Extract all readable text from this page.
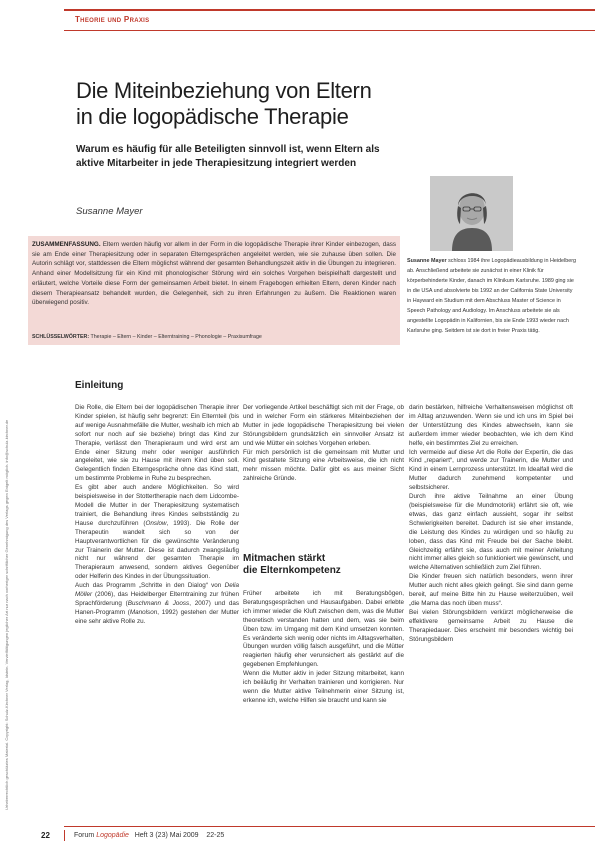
Urheberrechtlich geschütztes Material. Copyright: Schulz-Kirchner Verlag, Idstein. Vervielfältigungen jeglicher Art nur nach vorheriger schriftlicher Genehmigung des Verlags gegen Entgelt möglich. info@schulz-kirchner.de
Theorie und Praxis
Die Miteinbeziehung von Eltern
in die logopädische Therapie
Warum es häufig für alle Beteiligten sinnvoll ist, wenn Eltern als aktive Mitarbeiter in jede Therapiesitzung integriert werden
Susanne Mayer
ZUSAMMENFASSUNG. Eltern werden häufig vor allem in der Form in die logopädische Therapie ihrer Kinder einbezogen, dass sie am Ende einer Therapiesitzung oder in separaten Elterngesprächen angeleitet werden, wie sie zuhause üben sollen. Die Autorin schlägt vor, stattdessen die Eltern möglichst während der gesamten Behandlungszeit aktiv in die Übungen zu integrieren. Anhand einer Modellsitzung für ein Kind mit phonologischer Störung wird ein solches Vorgehen beispielhaft dargestellt und erläutert, welche Vorteile diese Form der gemeinsamen Arbeit bietet. In einem Fragebogen erhielten Eltern, deren Kinder nach diesem Therapieansatz behandelt wurden, die Gelegenheit, sich zu ihren Erfahrungen zu äußern. Die Reaktionen waren überwiegend positiv.
SCHLÜSSELWÖRTER: Therapie – Eltern – Kinder – Elterntraining – Phonologie – Praxisumfrage
Susanne Mayer schloss 1984 ihre Logopädieausbildung in Heidelberg ab. Anschließend arbeitete sie zunächst in einer Klinik für körperbehinderte Kinder, danach im Klinikum Karlsruhe. 1989 ging sie in die USA und absolvierte bis 1992 an der California State University in Hayward ein Studium mit dem Abschluss Master of Science in Speech Pathology and Audiology. Im Anschluss arbeitete sie als angestellte Logopädin in Kalifornien, bis sie Ende 1993 wieder nach Karlsruhe ging. Seitdem ist sie dort in freier Praxis tätig.
Einleitung

Die Rolle, die Eltern bei der logopädischen Therapie ihrer Kinder spielen, ist häufig sehr begrenzt: Ein Elternteil (bis auf wenige Ausnahmefälle die Mutter, weshalb ich mich ab sofort nur noch auf sie beziehe) bringt das Kind zur Therapie, verlässt den Therapieraum und wird erst am Ende einer Sitzung mehr oder weniger ausführlich angeleitet, wie sie zu Hause mit ihrem Kind üben soll. Gelegentlich finden Elterngespräche ohne das Kind statt, um bestimmte Probleme in Ruhe zu besprechen.

Es gibt aber auch andere Möglichkeiten. So wird beispielsweise in der Stottertherapie nach dem Lidcombe-Modell die Mutter in der Therapiesitzung systematisch trainiert, die Behandlung ihres Kindes selbstständig zu Hause durchzuführen (Onslow, 1993). Die Rolle der Therapeutin wandelt sich so von der Hauptverantwortlichen für die gewünschte Veränderung zur Trainerin der Mutter. Diese ist dadurch zwangsläufig nicht nur während der gesamten Therapie im Therapieraum anwesend, sondern aktives Gegenüber oder Helferin des Kindes in der Übungssituation.

Auch das Programm „Schritte in den Dialog“ von Delia Möller (2006), das Heidelberger Elterntraining zur frühen Sprachförderung (Buschmann & Jooss, 2007) und das Hanen-Programm (Manolson, 1992) gestehen der Mutter eine sehr aktive Rolle zu.

Der vorliegende Artikel beschäftigt sich mit der Frage, ob und in welcher Form ein stärkeres Miteinbeziehen der Mutter in jede logopädische Therapiesitzung bei vielen Störungsbildern grundsätzlich ein sinnvoller Ansatz ist und wie Mütter ein solches Vorgehen erleben.

Für mich persönlich ist die gemeinsam mit Mutter und Kind gestaltete Sitzung eine Arbeitsweise, die ich nicht mehr missen möchte. Dafür gibt es aus meiner Sicht zahlreiche Gründe.

Mitmachen stärkt
die Elternkompetenz

Früher arbeitete ich mit Beratungsbögen, Beratungsgesprächen und Hausaufgaben. Dabei erlebte ich immer wieder die Kluft zwischen dem, was die Mutter theoretisch verstanden hatten und dem, was sie beim Üben bzw. im Umgang mit dem Kind umsetzen konnten. Es veränderte sich wenig oder nichts im Alltagsverhalten, Übungen wurden völlig falsch ausgeführt, und die Mütter reagierten häufig eher verunsichert als gestärkt auf die gegebenen Empfehlungen.

Wenn die Mutter aktiv in jeder Sitzung mitarbeitet, kann ich beiläufig ihr Verhalten trainieren und korrigieren. Nur wenn die Mutter aktive Teilnehmerin einer Sitzung ist, erkenne ich, welche Hilfen sie braucht und kann sie

darin bestärken, hilfreiche Verhaltensweisen möglichst oft im Alltag anzuwenden. Wenn sie und ich uns im Spiel bei der Unterstützung des Kindes abwechseln, kann sie außerdem immer wieder beobachten, wie ich dem Kind helfe, ein bestimmtes Ziel zu erreichen.

Ich vermeide auf diese Art die Rolle der Expertin, die das Kind „repariert“, und werde zur Trainerin, die Mutter und Kind in einem Lernprozess unterstützt. Im Idealfall wird die Mutter dadurch zunehmend kompetenter und selbstsicherer.

Durch ihre aktive Teilnahme an einer Übung (beispielsweise für die Mundmotorik) erfährt sie oft, wie etwas, das ganz einfach aussieht, sogar ihr selbst Schwierigkeiten bereitet. Dadurch ist sie eher imstande, die Leistung des Kindes zu würdigen und so häufig zu loben, dass das Kind mit Freude bei der Sache bleibt. Gleichzeitig erfährt sie, dass auch mit meiner Anleitung nicht immer alles gleich so funktioniert wie gewünscht, und welche Alternativen schließlich zum Ziel führen.

Die Kinder freuen sich natürlich besonders, wenn ihrer Mutter auch nicht alles gleich gelingt. Sie sind dann gerne bereit, auf meine Bitte hin zu Hause weiterzuüben, weil „die Mama das noch üben muss“.

Bei vielen Störungsbildern verkürzt möglicherweise die effektivere gemeinsame Arbeit zu Hause die Therapiedauer. Dies erscheint mir besonders wichtig bei Störungsbildern

22	Forum Logopädie Heft 3 (23) Mai 2009 22-25
